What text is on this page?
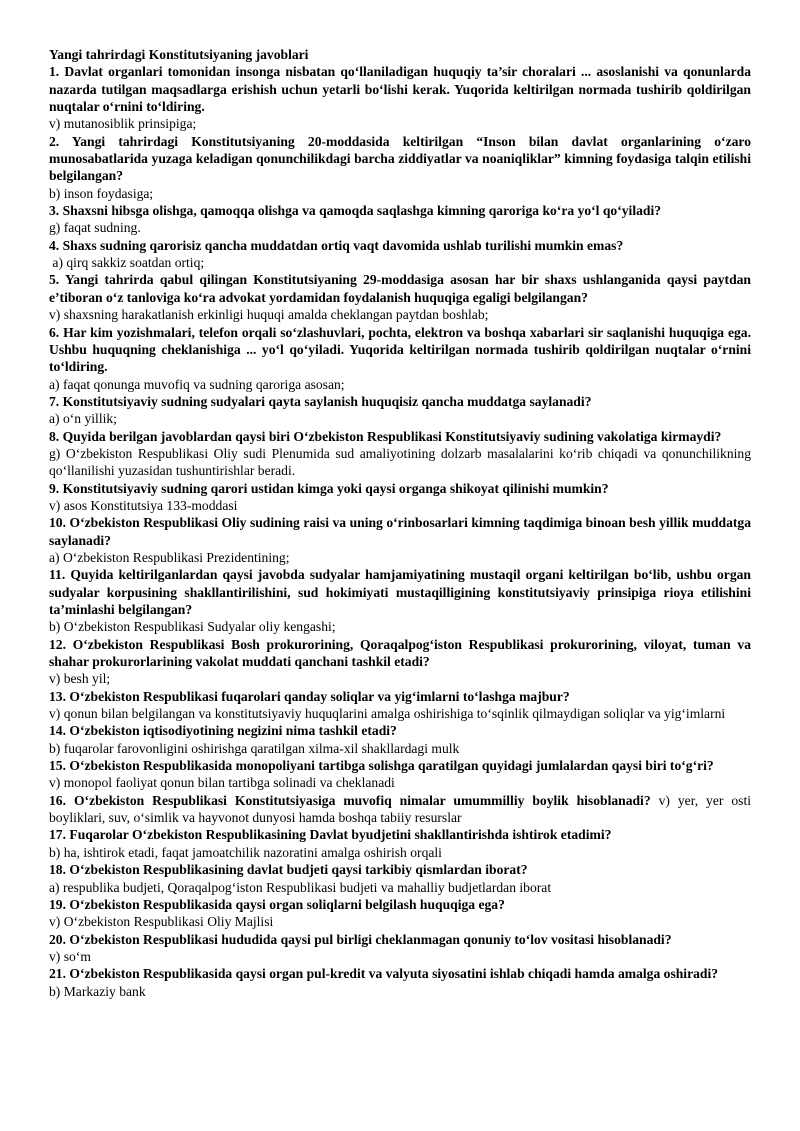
Yangi tahrirdagi Konstitutsiyaning javoblari

1. Davlat organlari tomonidan insonga nisbatan qo‘llaniladigan huquqiy ta’sir choralari ... asoslanishi va qonunlarda nazarda tutilgan maqsadlarga erishish uchun yetarli bo‘lishi kerak. Yuqorida keltirilgan normada tushirib qoldirilgan nuqtalar o‘rnini to‘ldiring.

v) mutanosiblik prinsipiga;

2. Yangi tahrirdagi Konstitutsiyaning 20-moddasida keltirilgan “Inson bilan davlat organlarining o‘zaro munosabatlarida yuzaga keladigan qonunchilikdagi barcha ziddiyatlar va noaniqliklar” kimning foydasiga talqin etilishi belgilangan?

b) inson foydasiga;

3. Shaxsni hibsga olishga, qamoqqa olishga va qamoqda saqlashga kimning qaroriga ko‘ra yo‘l qo‘yiladi?

g) faqat sudning.

4. Shaxs sudning qarorisiz qancha muddatdan ortiq vaqt davomida ushlab turilishi mumkin emas?

a) qirq sakkiz soatdan ortiq;

5. Yangi tahrirda qabul qilingan Konstitutsiyaning 29-moddasiga asosan har bir shaxs ushlanganida qaysi paytdan e’tiboran o‘z tanloviga ko‘ra advokat yordamidan foydalanish huquqiga egaligi belgilangan?

v) shaxsning harakatlanish erkinligi huquqi amalda cheklangan paytdan boshlab;

6. Har kim yozishmalari, telefon orqali so‘zlashuvlari, pochta, elektron va boshqa xabarlari sir saqlanishi huquqiga ega. Ushbu huquqning cheklanishiga ... yo‘l qo‘yiladi. Yuqorida keltirilgan normada tushirib qoldirilgan nuqtalar o‘rnini to‘ldiring.

a) faqat qonunga muvofiq va sudning qaroriga asosan;

7. Konstitutsiyaviy sudning sudyalari qayta saylanish huquqisiz qancha muddatga saylanadi?

a) o‘n yillik;

8. Quyida berilgan javoblardan qaysi biri O‘zbekiston Respublikasi Konstitutsiyaviy sudining vakolatiga kirmaydi?

g) O‘zbekiston Respublikasi Oliy sudi Plenumida sud amaliyotining dolzarb masalalarini ko‘rib chiqadi va qonunchilikning qo‘llanilishi yuzasidan tushuntirishlar beradi.

9. Konstitutsiyaviy sudning qarori ustidan kimga yoki qaysi organga shikoyat qilinishi mumkin?

v) asos Konstitutsiya 133-moddasi

10. O‘zbekiston Respublikasi Oliy sudining raisi va uning o‘rinbosarlari kimning taqdimiga binoan besh yillik muddatga saylanadi?

a) O‘zbekiston Respublikasi Prezidentining;

11. Quyida keltirilganlardan qaysi javobda sudyalar hamjamiyatining mustaqil organi keltirilgan bo‘lib, ushbu organ sudyalar korpusining shakllantirilishini, sud hokimiyati mustaqilligining konstitutsiyaviy prinsipiga rioya etilishini ta’minlashi belgilangan?

b) O‘zbekiston Respublikasi Sudyalar oliy kengashi;

12. O‘zbekiston Respublikasi Bosh prokurorining, Qoraqalpog‘iston Respublikasi prokurorining, viloyat, tuman va shahar prokurorlarining vakolat muddati qanchani tashkil etadi?

v) besh yil;

13. O‘zbekiston Respublikasi fuqarolari qanday soliqlar va yig‘imlarni to‘lashga majbur?

v) qonun bilan belgilangan va konstitutsiyaviy huquqlarini amalga oshirishiga to‘sqinlik qilmaydigan soliqlar va yig‘imlarni

14. O‘zbekiston iqtisodiyotining negizini nima tashkil etadi?

b) fuqarolar farovonligini oshirishga qaratilgan xilma-xil shakllardagi mulk

15. O‘zbekiston Respublikasida monopoliyani tartibga solishga qaratilgan quyidagi jumlalardan qaysi biri to‘g‘ri?

v) monopol faoliyat qonun bilan tartibga solinadi va cheklanadi

16. O‘zbekiston Respublikasi Konstitutsiyasiga muvofiq nimalar umummilliy boylik hisoblanadi? v) yer, yer osti boyliklari, suv, o‘simlik va hayvonot dunyosi hamda boshqa tabiiy resurslar

17. Fuqarolar O‘zbekiston Respublikasining Davlat byudjetini shakllantirishda ishtirok etadimi?

b) ha, ishtirok etadi, faqat jamoatchilik nazoratini amalga oshirish orqali

18. O‘zbekiston Respublikasining davlat budjeti qaysi tarkibiy qismlardan iborat?

a) respublika budjeti, Qoraqalpog‘iston Respublikasi budjeti va mahalliy budjetlardan iborat

19. O‘zbekiston Respublikasida qaysi organ soliqlarni belgilash huquqiga ega?

v) O‘zbekiston Respublikasi Oliy Majlisi

20. O‘zbekiston Respublikasi hududida qaysi pul birligi cheklanmagan qonuniy to‘lov vositasi hisoblanadi?

v) so‘m

21. O‘zbekiston Respublikasida qaysi organ pul-kredit va valyuta siyosatini ishlab chiqadi hamda amalga oshiradi?

b) Markaziy bank
